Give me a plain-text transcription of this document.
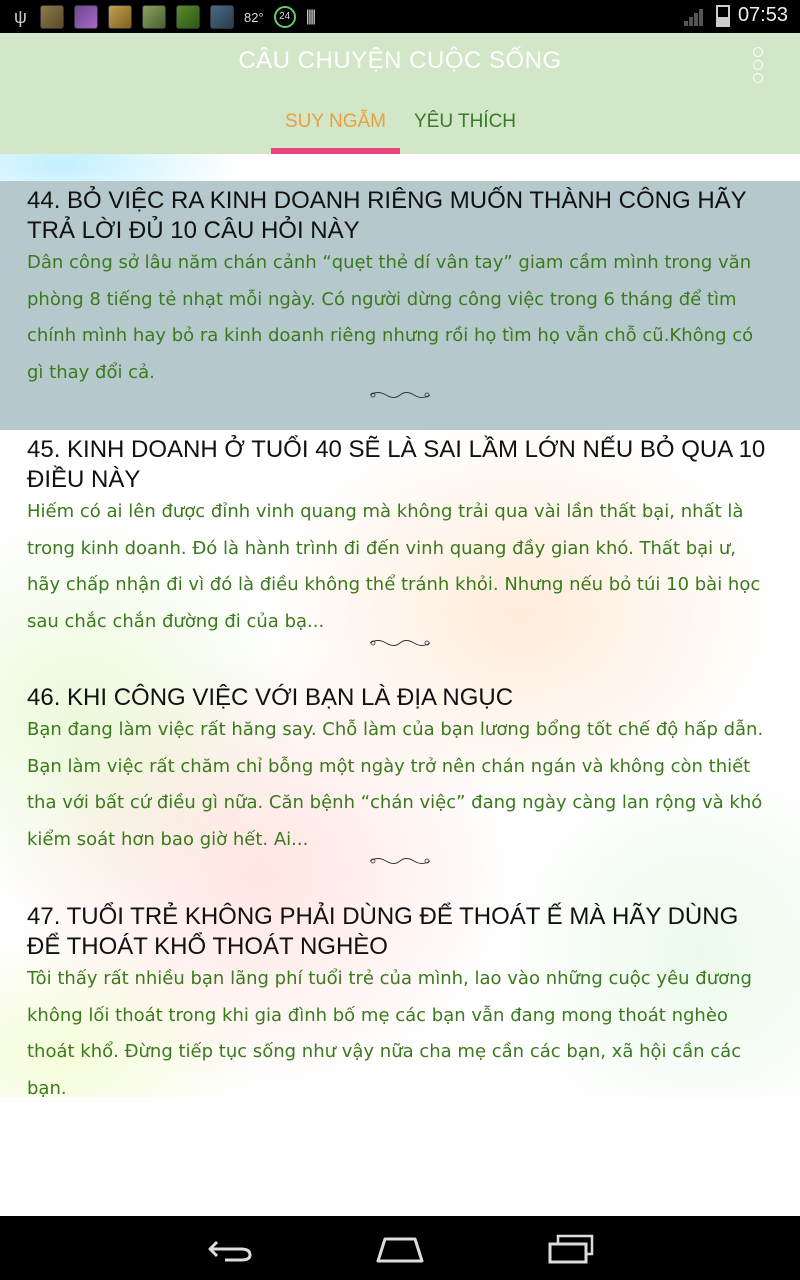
ψ	82°	24 ||||	07:53
CÂU CHUYỆN CUỘC SỐNG
SUY NGẪM	YÊU THÍCH
44. BỎ VIỆC RA KINH DOANH RIÊNG MUỐN THÀNH CÔNG HÃY TRẢ LỜI ĐỦ 10 CÂU HỎI NÀY
Dân công sở lâu năm chán cảnh “quẹt thẻ dí vân tay” giam cầm mình trong văn phòng 8 tiếng tẻ nhạt mỗi ngày. Có người dừng công việc trong 6 tháng để tìm chính mình hay bỏ ra kinh doanh riêng nhưng rồi họ tìm họ vẫn chỗ cũ.Không có gì thay đổi cả.
45. KINH DOANH Ở TUỔI 40 SẼ LÀ SAI LẦM LỚN NẾU BỎ QUA 10 ĐIỀU NÀY
Hiếm có ai lên được đỉnh vinh quang mà không trải qua vài lần thất bại, nhất là trong kinh doanh. Đó là hành trình đi đến vinh quang đầy gian khó. Thất bại ư, hãy chấp nhận đi vì đó là điều không thể tránh khỏi. Nhưng nếu bỏ túi 10 bài học sau chắc chắn đường đi của bạ...
46. KHI CÔNG VIỆC VỚI BẠN LÀ ĐỊA NGỤC
Bạn đang làm việc rất hăng say. Chỗ làm của bạn lương bổng tốt chế độ hấp dẫn. Bạn làm việc rất chăm chỉ bỗng một ngày trở nên chán ngán và không còn thiết tha với bất cứ điều gì nữa. Căn bệnh “chán việc” đang ngày càng lan rộng và khó kiểm soát hơn bao giờ hết. Ai...
47. TUỔI TRẺ KHÔNG PHẢI DÙNG ĐỂ THOÁT Ế MÀ HÃY DÙNG ĐỂ THOÁT KHỔ THOÁT NGHÈO
Tôi thấy rất nhiều bạn lãng phí tuổi trẻ của mình, lao vào những cuộc yêu đương không lối thoát trong khi gia đình bố mẹ các bạn vẫn đang mong thoát nghèo thoát khổ. Đừng tiếp tục sống như vậy nữa cha mẹ cần các bạn, xã hội cần các bạn.
